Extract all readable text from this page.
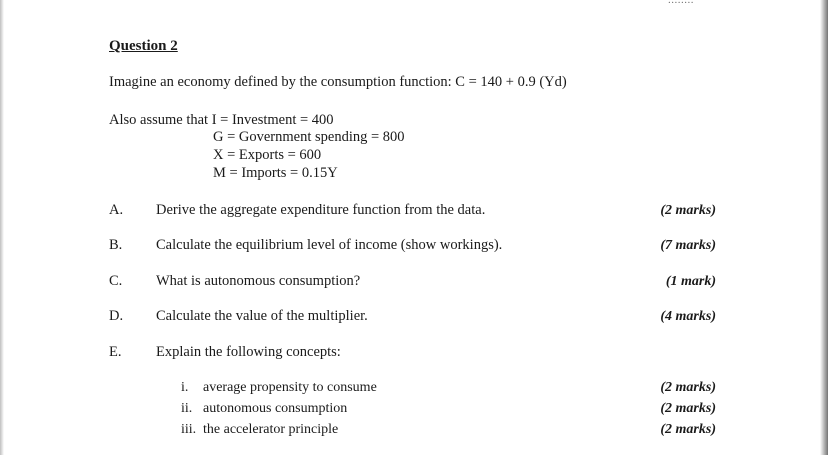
........
Question 2
Imagine an economy defined by the consumption function: C = 140 + 0.9 (Yd)
Also assume that I = Investment = 400
G = Government spending = 800
X = Exports = 600
M = Imports = 0.15Y
A. Derive the aggregate expenditure function from the data.	(2 marks)
B. Calculate the equilibrium level of income (show workings).	(7 marks)
C. What is autonomous consumption?	(1 mark)
D. Calculate the value of the multiplier.	(4 marks)
E. Explain the following concepts:
i. average propensity to consume	(2 marks)
ii. autonomous consumption	(2 marks)
iii. the accelerator principle	(2 marks)
